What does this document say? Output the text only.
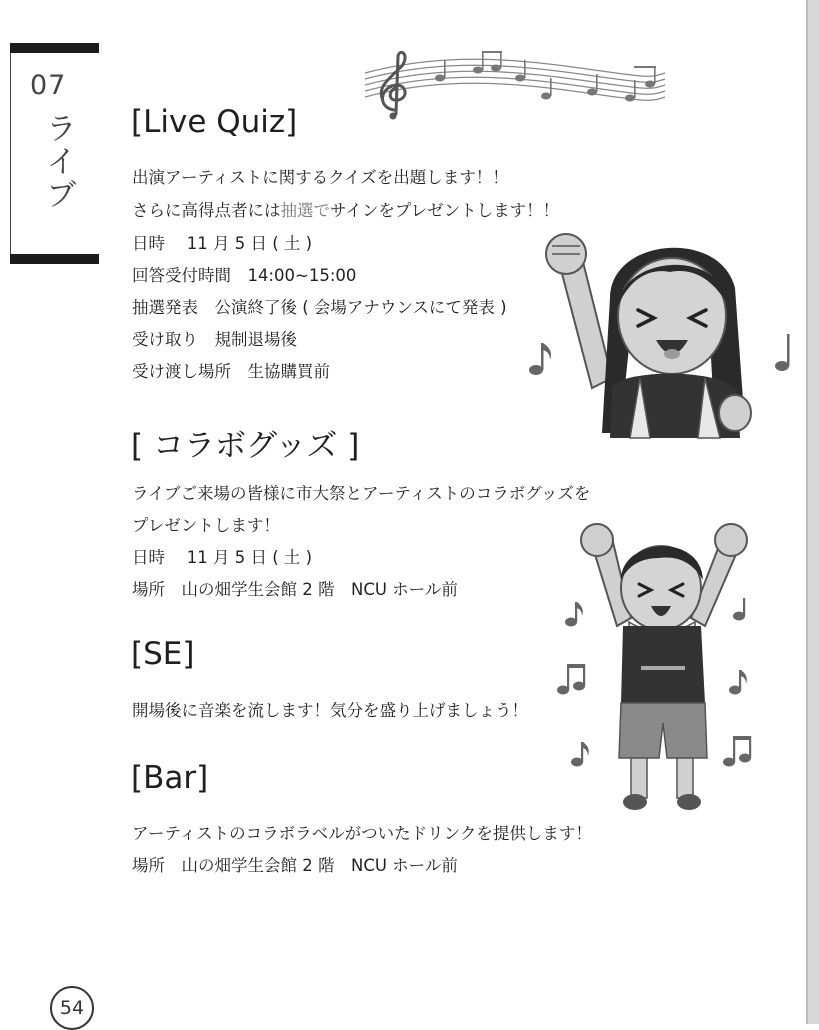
07
ライブ [Live Quiz]
出演アーティストに関するクイズを出題します！！
さらに高得点者には抽選でサインをプレゼントします！！
日時　 11 月 5 日 ( 土 )
回答受付時間　14:00~15:00
抽選発表　公演終了後 ( 会場アナウンスにて発表 )
受け取り　規制退場後
受け渡し場所　生協購買前
[ コラボグッズ ]
ライブご来場の皆様に市大祭とアーティストのコラボグッズを
プレゼントします！
日時　 11 月 5 日 ( 土 )
場所　山の畑学生会館 2 階　NCU ホール前
[SE]
開場後に音楽を流します！気分を盛り上げましょう！
[Bar]
アーティストのコラボラベルがついたドリンクを提供します！
場所　山の畑学生会館 2 階　NCU ホール前
54
